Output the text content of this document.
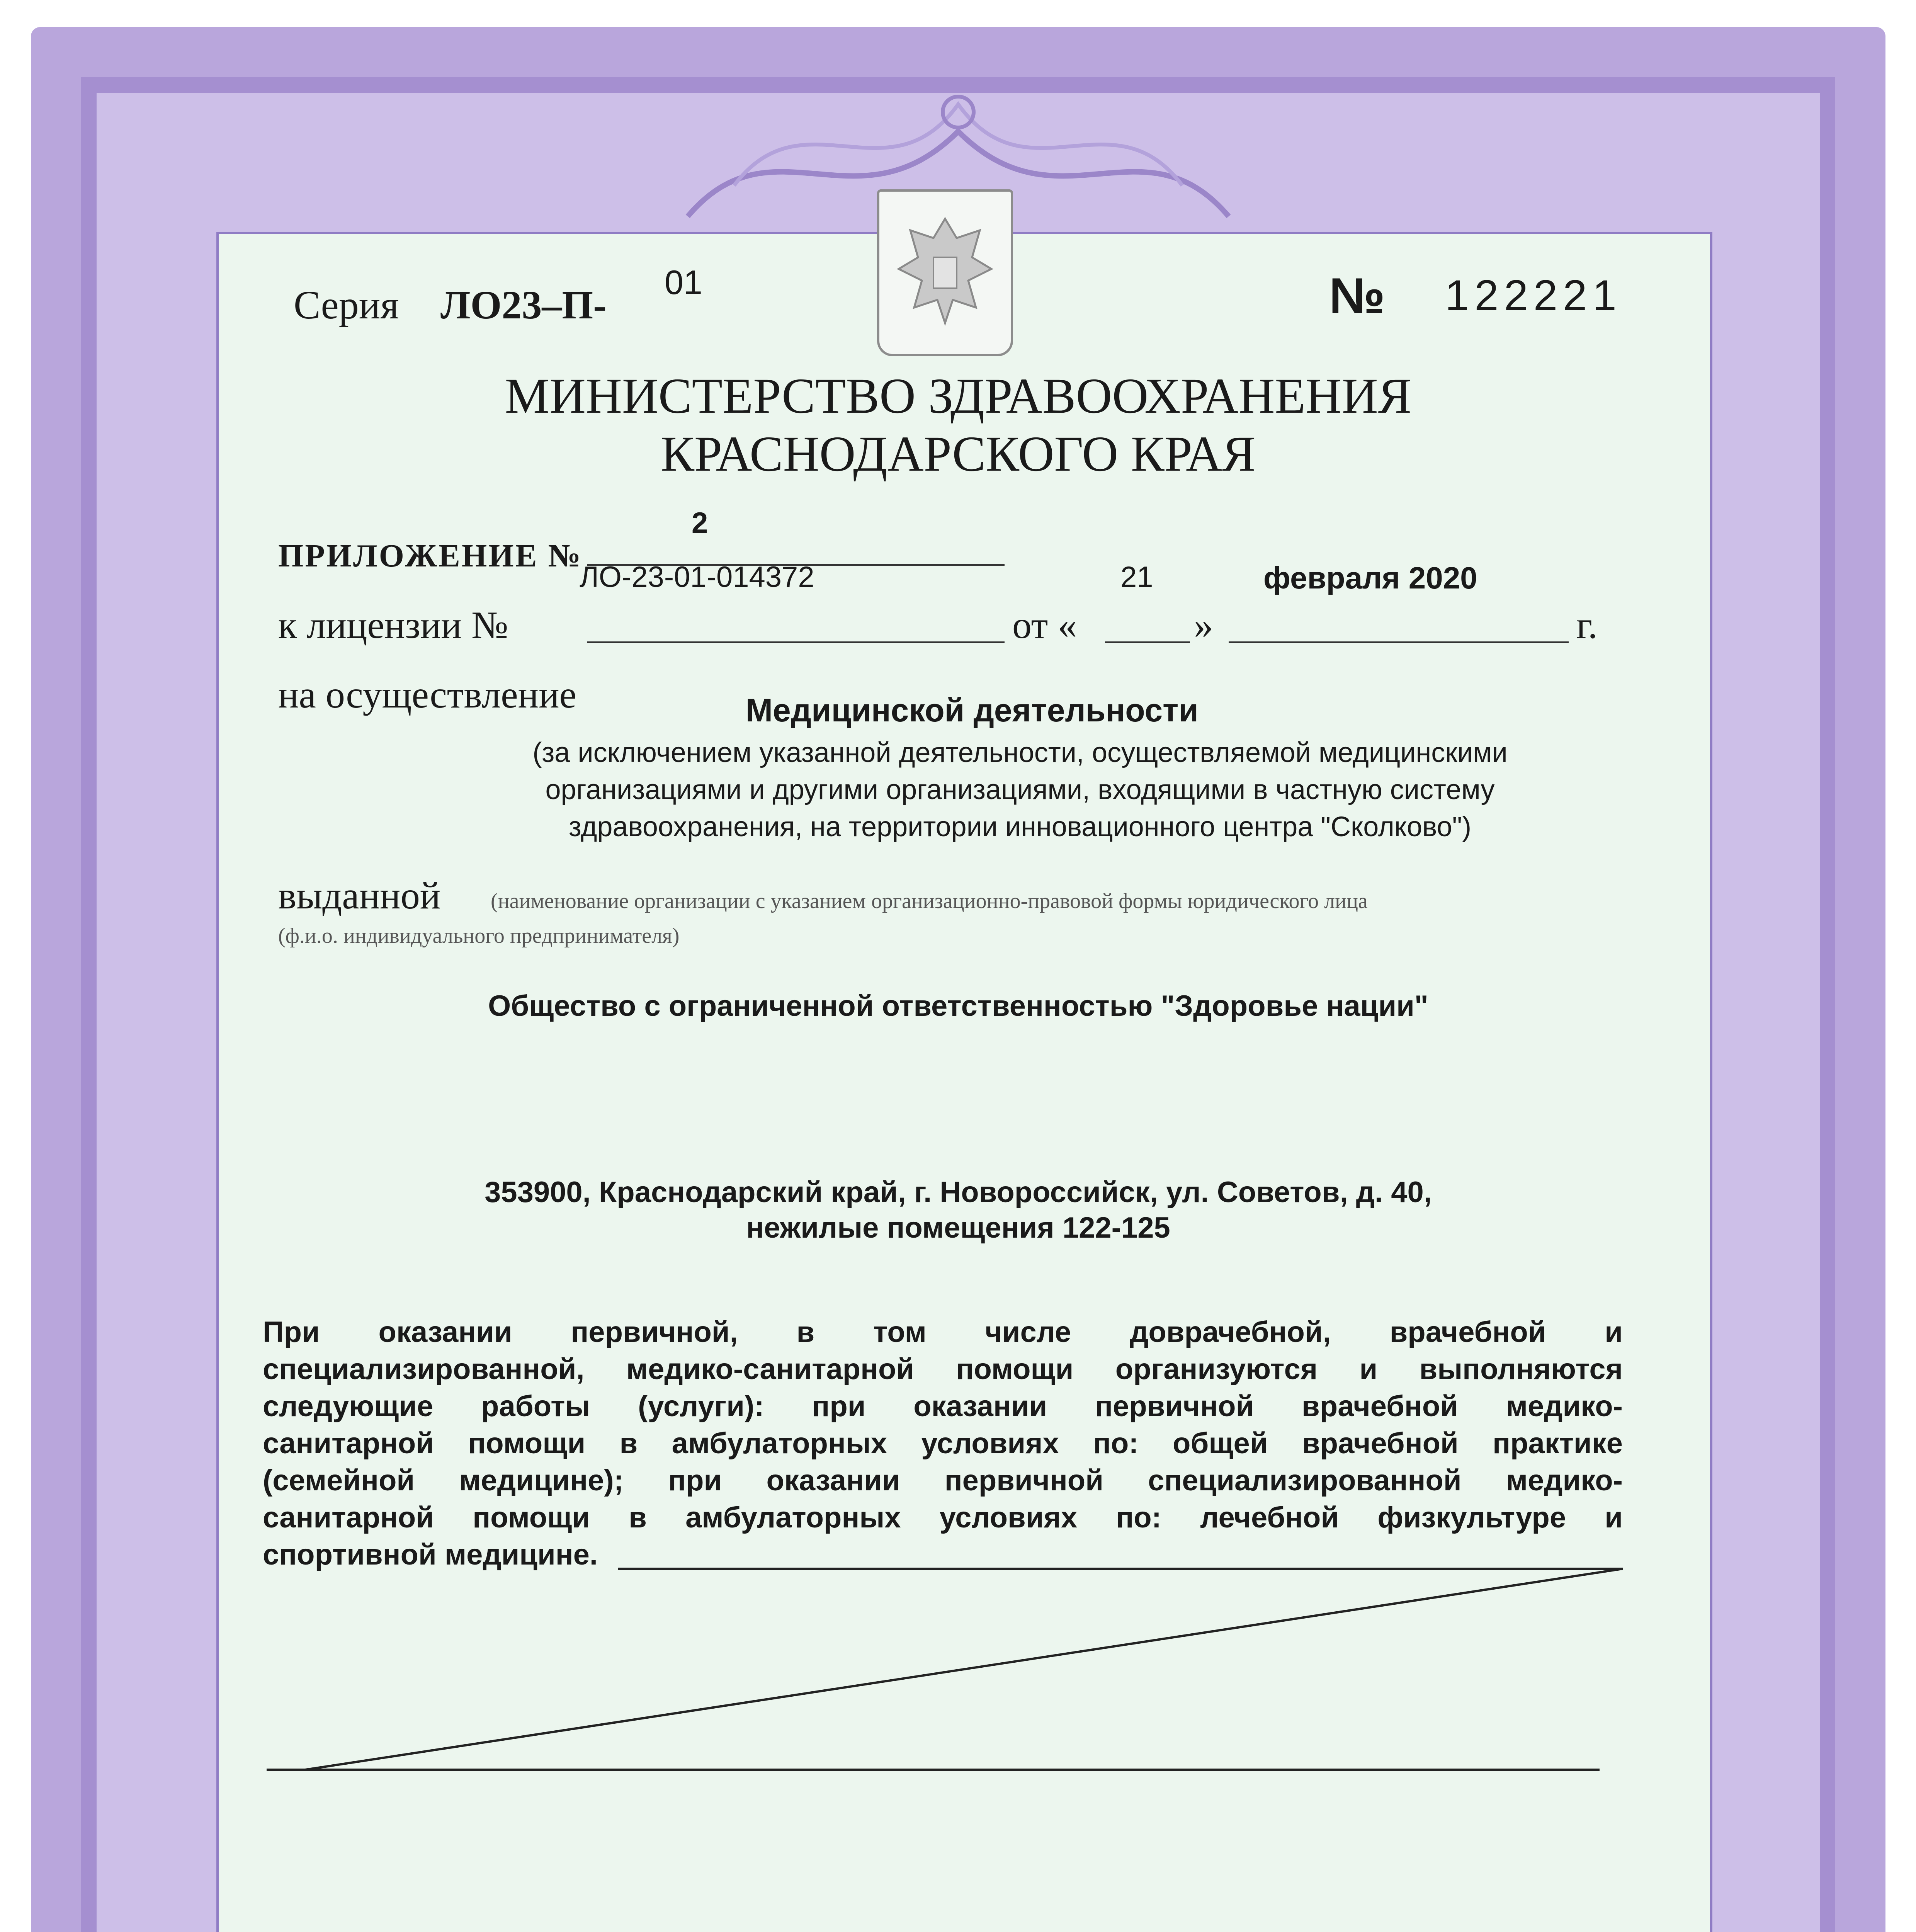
Серия ЛО23–П-
01	№ 122221
МИНИСТЕРСТВО ЗДРАВООХРАНЕНИЯ
КРАСНОДАРСКОГО КРАЯ
2
ПРИЛОЖЕНИЕ №
ЛО-23-01-014372	21	февраля 2020
к лицензии №	от «	»	г.
на осуществление	Медицинской деятельности
(за исключением указанной деятельности, осуществляемой медицинскими
организациями и другими организациями, входящими в частную систему
здравоохранения, на территории инновационного центра "Сколково")
выданной (наименование организации с указанием организационно-правовой формы юридического лица
(ф.и.о. индивидуального предпринимателя)
Общество с ограниченной ответственностью "Здоровье нации"
353900, Краснодарский край, г. Новороссийск, ул. Советов, д. 40,
нежилые помещения 122-125
При оказании первичной, в том числе доврачебной, врачебной и
специализированной, медико-санитарной помощи организуются и выполняются
следующие работы (услуги): при оказании первичной врачебной медико-
санитарной помощи в амбулаторных условиях по: общей врачебной практике
(семейной медицине); при оказании первичной специализированной медико-
санитарной помощи в амбулаторных условиях по: лечебной физкультуре и
спортивной медицине.
